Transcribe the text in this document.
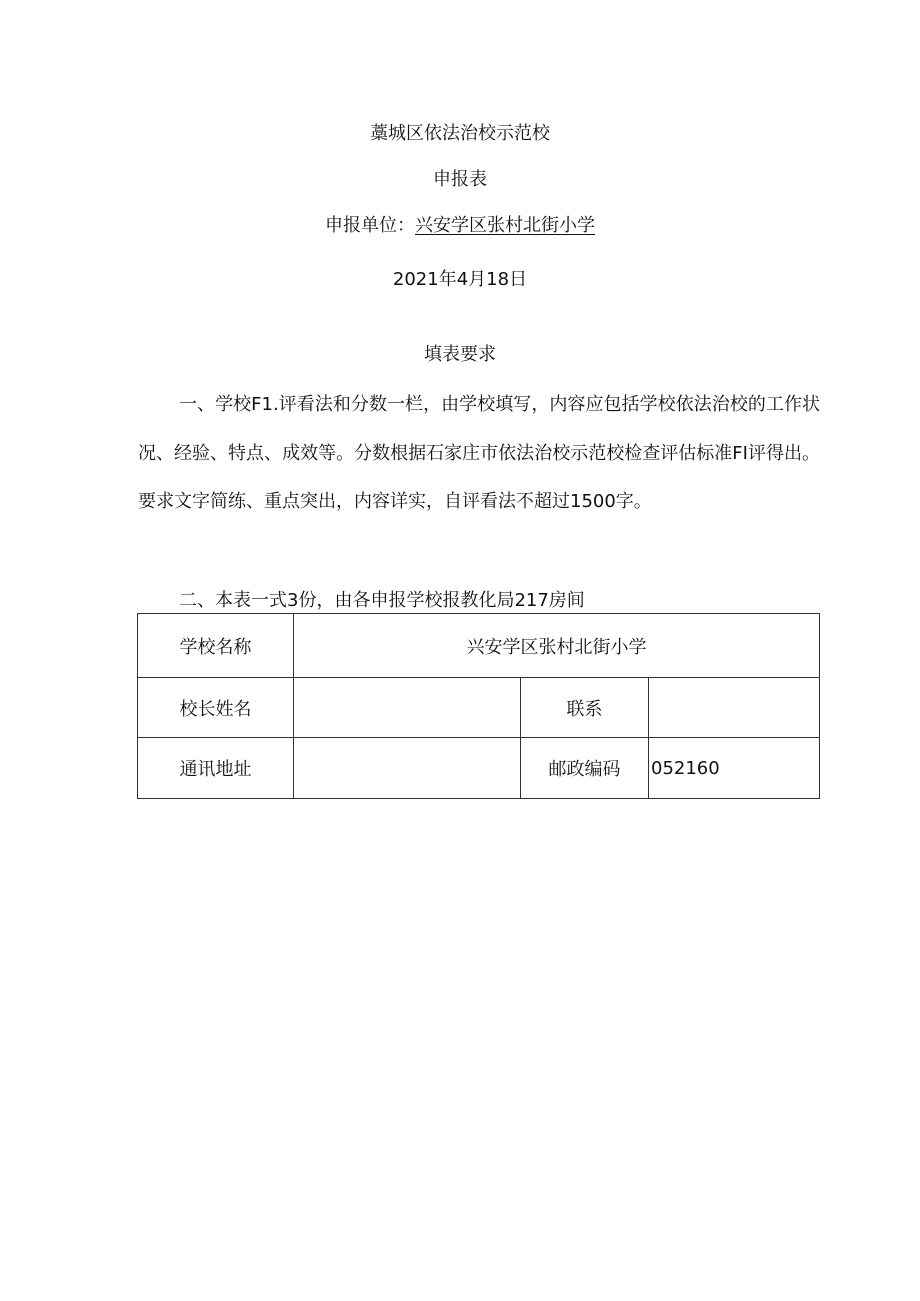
藁城区依法治校示范校
申报表
申报单位：兴安学区张村北街小学
2021年4月18日
填表要求
一、学校F1.评看法和分数一栏，由学校填写，内容应包括学校依法治校的工作状况、经验、特点、成效等。分数根据石家庄市依法治校示范校检查评估标准FI评得出。要求文字简练、重点突出，内容详实，自评看法不超过1500字。
二、本表一式3份，由各申报学校报教化局217房间
学校名称	兴安学区张村北街小学		
校长姓名		联系	
通讯地址		邮政编码	052160
